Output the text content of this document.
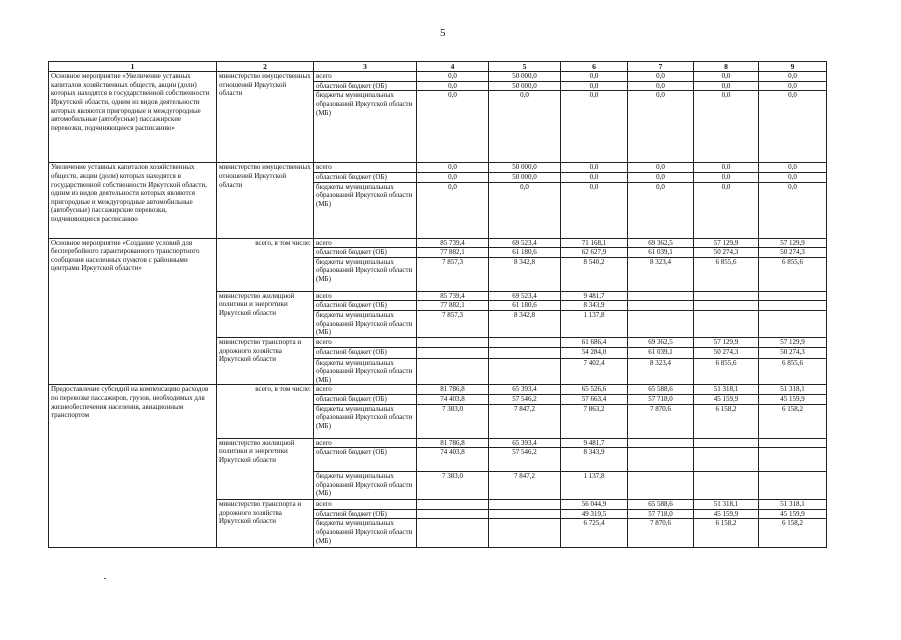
5
1	2	3	4	5	6	7	8	9
Основное мероприятие «Увеличение уставных капиталов хозяйственных обществ, акции (доли) которых находятся в государственной собственности Иркутской области, одним из видов деятельности которых являются пригородные и междугородные автомобильные (автобусные) пассажирские перевозки, подчиняющиеся расписанию»	министерство имущественных отношений Иркутской области	всего	0,0	50 000,0	0,0	0,0	0,0	0,0
		областной бюджет (ОБ)	0,0	50 000,0	0,0	0,0	0,0	0,0
		бюджеты муниципальных образований Иркутской области (МБ)	0,0	0,0	0,0	0,0	0,0	0,0
Увеличение уставных капиталов хозяйственных обществ, акции (доли) которых находятся в государственной собственности Иркутской области, одним из видов деятельности которых являются пригородные и междугородные автомобильные (автобусные) пассажирские перевозки, подчиняющиеся расписанию	министерство имущественных отношений Иркутской области	всего	0,0	50 000,0	0,0	0,0	0,0	0,0
		областной бюджет (ОБ)	0,0	50 000,0	0,0	0,0	0,0	0,0
		бюджеты муниципальных образований Иркутской области (МБ)	0,0	0,0	0,0	0,0	0,0	0,0
Основное мероприятие «Создание условий для бесперебойного гарантированного транспортного сообщения населенных пунктов с районными центрами Иркутской области»	всего, в том числе:	всего	85 739,4	69 523,4	71 168,1	69 362,5	57 129,9	57 129,9
		областной бюджет (ОБ)	77 882,1	61 180,6	62 627,9	61 039,1	50 274,3	50 274,3
		бюджеты муниципальных образований Иркутской области (МБ)	7 857,3	8 342,8	8 540,2	8 323,4	6 855,6	6 855,6
	министерство жилищной политики и энергетики Иркутской области	всего	85 739,4	69 523,4	9 481,7			
		областной бюджет (ОБ)	77 882,1	61 180,6	8 343,9			
		бюджеты муниципальных образований Иркутской области (МБ)	7 857,3	8 342,8	1 137,8			
	министерство транспорта и дорожного хозяйства Иркутской области	всего			61 686,4	69 362,5	57 129,9	57 129,9
		областной бюджет (ОБ)			54 284,0	61 039,1	50 274,3	50 274,3
		бюджеты муниципальных образований Иркутской области (МБ)			7 402,4	8 323,4	6 855,6	6 855,6
Предоставление субсидий на компенсацию расходов по перевозке пассажиров, грузов, необходимых для жизнеобеспечения населения, авиационным транспортом	всего, в том числе:	всего	81 786,8	65 393,4	65 526,6	65 588,6	51 318,1	51 318,1
		областной бюджет (ОБ)	74 403,8	57 546,2	57 663,4	57 718,0	45 159,9	45 159,9
		бюджеты муниципальных образований Иркутской области (МБ)	7 383,0	7 847,2	7 863,2	7 870,6	6 158,2	6 158,2
	министерство жилищной политики и энергетики Иркутской области	всего	81 786,8	65 393,4	9 481,7			
		областной бюджет (ОБ)	74 403,8	57 546,2	8 343,9			
		бюджеты муниципальных образований Иркутской области (МБ)	7 383,0	7 847,2	1 137,8			
	министерство транспорта и дорожного хозяйства Иркутской области	всего			56 044,9	65 588,6	51 318,1	51 318,1
		областной бюджет (ОБ)			49 319,5	57 718,0	45 159,9	45 159,9
		бюджеты муниципальных образований Иркутской области (МБ)			6 725,4	7 870,6	6 158,2	6 158,2
